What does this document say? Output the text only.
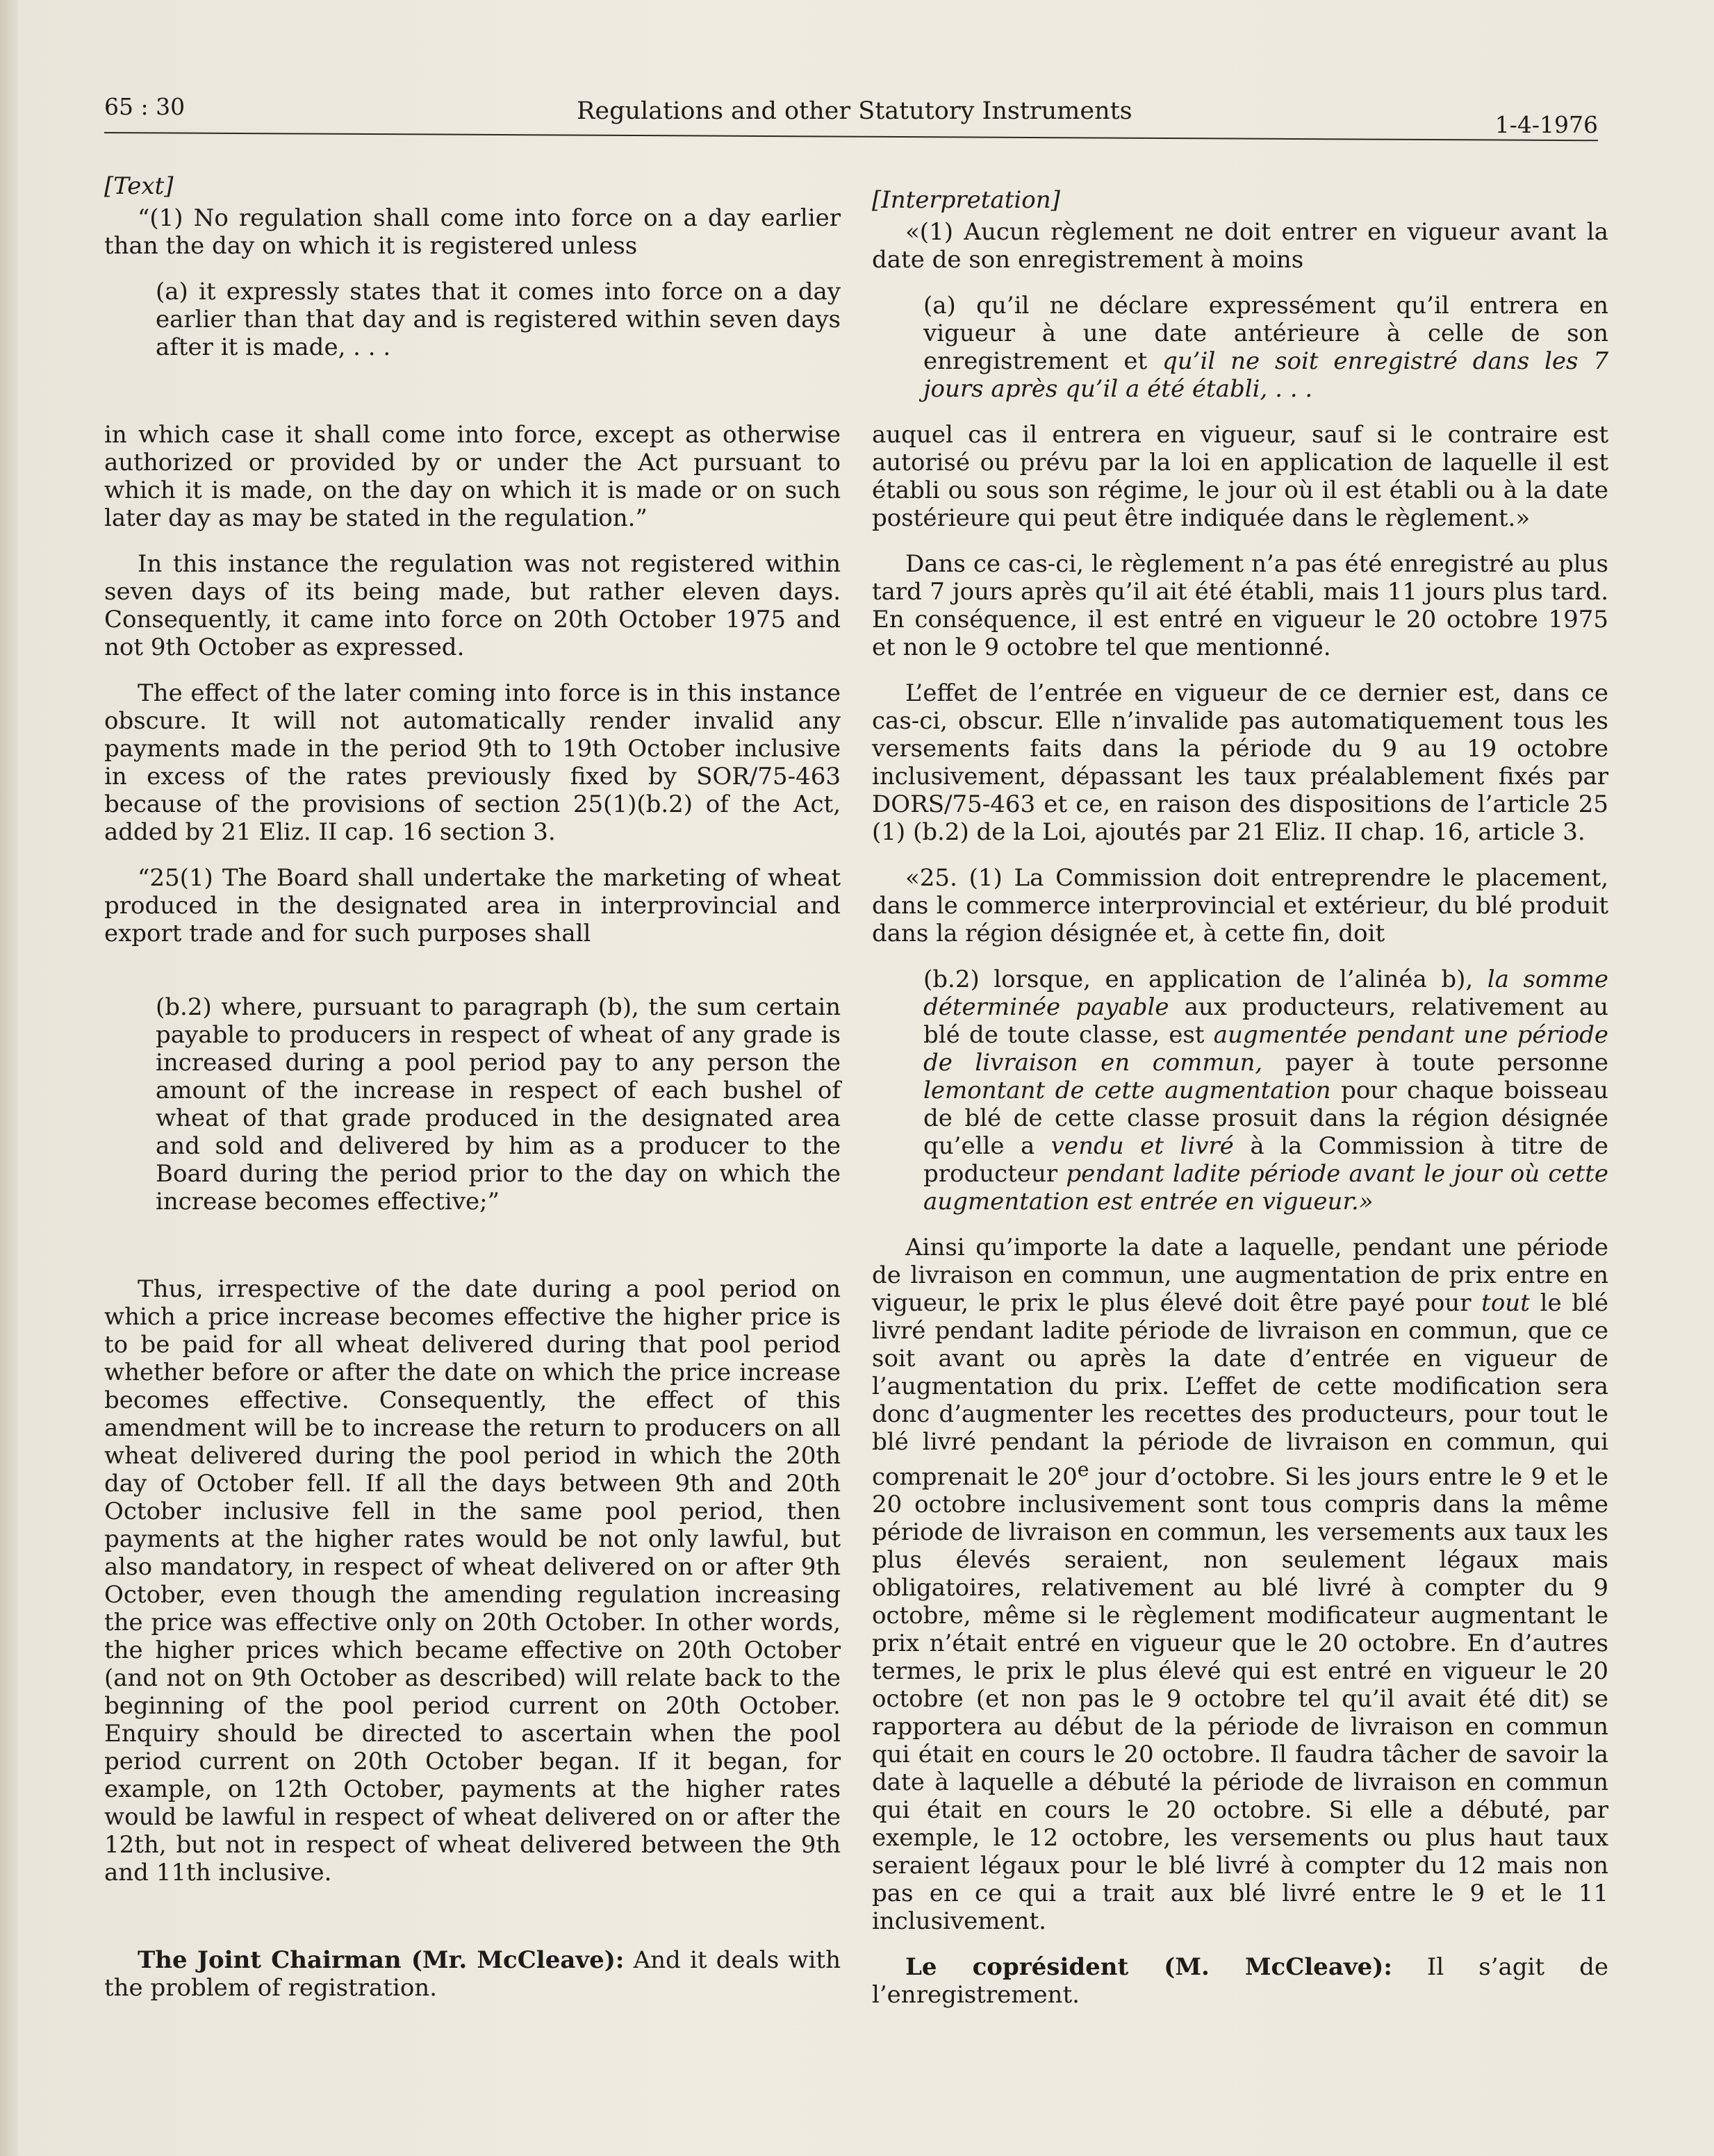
65 : 30	Regulations and other Statutory Instruments	1-4-1976

[Text]

“(1) No regulation shall come into force on a day earlier than the day on which it is registered unless

(a) it expressly states that it comes into force on a day earlier than that day and is registered within seven days after it is made, . . .

in which case it shall come into force, except as otherwise authorized or provided by or under the Act pursuant to which it is made, on the day on which it is made or on such later day as may be stated in the regulation.”

In this instance the regulation was not registered within seven days of its being made, but rather eleven days. Consequently, it came into force on 20th October 1975 and not 9th October as expressed.

The effect of the later coming into force is in this instance obscure. It will not automatically render invalid any payments made in the period 9th to 19th October inclusive in excess of the rates previously fixed by SOR/75-463 because of the provisions of section 25(1)(b.2) of the Act, added by 21 Eliz. II cap. 16 section 3.

“25(1) The Board shall undertake the marketing of wheat produced in the designated area in interprovincial and export trade and for such purposes shall

(b.2) where, pursuant to paragraph (b), the sum certain payable to producers in respect of wheat of any grade is increased during a pool period pay to any person the amount of the increase in respect of each bushel of wheat of that grade produced in the designated area and sold and delivered by him as a producer to the Board during the period prior to the day on which the increase becomes effective;”

Thus, irrespective of the date during a pool period on which a price increase becomes effective the higher price is to be paid for all wheat delivered during that pool period whether before or after the date on which the price increase becomes effective. Consequently, the effect of this amendment will be to increase the return to producers on all wheat delivered during the pool period in which the 20th day of October fell. If all the days between 9th and 20th October inclusive fell in the same pool period, then payments at the higher rates would be not only lawful, but also mandatory, in respect of wheat delivered on or after 9th October, even though the amending regulation increasing the price was effective only on 20th October. In other words, the higher prices which became effective on 20th October (and not on 9th October as described) will relate back to the beginning of the pool period current on 20th October. Enquiry should be directed to ascertain when the pool period current on 20th October began. If it began, for example, on 12th October, payments at the higher rates would be lawful in respect of wheat delivered on or after the 12th, but not in respect of wheat delivered between the 9th and 11th inclusive.

The Joint Chairman (Mr. McCleave): And it deals with the problem of registration.

[Interpretation]

«(1) Aucun règlement ne doit entrer en vigueur avant la date de son enregistrement à moins

(a) qu’il ne déclare expressément qu’il entrera en vigueur à une date antérieure à celle de son enregistrement et qu’il ne soit enregistré dans les 7 jours après qu’il a été établi, . . .

auquel cas il entrera en vigueur, sauf si le contraire est autorisé ou prévu par la loi en application de laquelle il est établi ou sous son régime, le jour où il est établi ou à la date postérieure qui peut être indiquée dans le règlement.»

Dans ce cas-ci, le règlement n’a pas été enregistré au plus tard 7 jours après qu’il ait été établi, mais 11 jours plus tard. En conséquence, il est entré en vigueur le 20 octobre 1975 et non le 9 octobre tel que mentionné.

L’effet de l’entrée en vigueur de ce dernier est, dans ce cas-ci, obscur. Elle n’invalide pas automatiquement tous les versements faits dans la période du 9 au 19 octobre inclusivement, dépassant les taux préalablement fixés par DORS/75-463 et ce, en raison des dispositions de l’article 25 (1) (b.2) de la Loi, ajoutés par 21 Eliz. II chap. 16, article 3.

«25. (1) La Commission doit entreprendre le placement, dans le commerce interprovincial et extérieur, du blé produit dans la région désignée et, à cette fin, doit

(b.2) lorsque, en application de l’alinéa b), la somme déterminée payable aux producteurs, relativement au blé de toute classe, est augmentée pendant une période de livraison en commun, payer à toute personne lemontant de cette augmentation pour chaque boisseau de blé de cette classe prosuit dans la région désignée qu’elle a vendu et livré à la Commission à titre de producteur pendant ladite période avant le jour où cette augmentation est entrée en vigueur.»

Ainsi qu’importe la date a laquelle, pendant une période de livraison en commun, une augmentation de prix entre en vigueur, le prix le plus élevé doit être payé pour tout le blé livré pendant ladite période de livraison en commun, que ce soit avant ou après la date d’entrée en vigueur de l’augmentation du prix. L’effet de cette modification sera donc d’augmenter les recettes des producteurs, pour tout le blé livré pendant la période de livraison en commun, qui comprenait le 20e jour d’octobre. Si les jours entre le 9 et le 20 octobre inclusivement sont tous compris dans la même période de livraison en commun, les versements aux taux les plus élevés seraient, non seulement légaux mais obligatoires, relativement au blé livré à compter du 9 octobre, même si le règlement modificateur augmentant le prix n’était entré en vigueur que le 20 octobre. En d’autres termes, le prix le plus élevé qui est entré en vigueur le 20 octobre (et non pas le 9 octobre tel qu’il avait été dit) se rapportera au début de la période de livraison en commun qui était en cours le 20 octobre. Il faudra tâcher de savoir la date à laquelle a débuté la période de livraison en commun qui était en cours le 20 octobre. Si elle a débuté, par exemple, le 12 octobre, les versements ou plus haut taux seraient légaux pour le blé livré à compter du 12 mais non pas en ce qui a trait aux blé livré entre le 9 et le 11 inclusivement.

Le coprésident (M. McCleave): Il s’agit de l’enregistrement.
